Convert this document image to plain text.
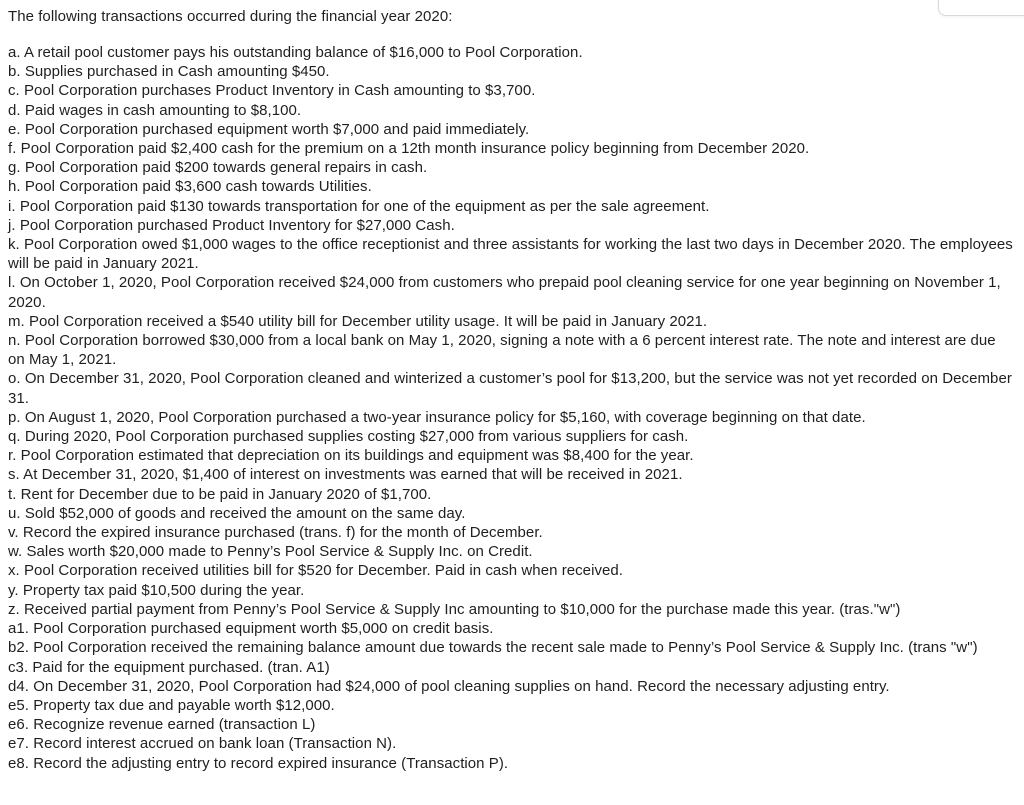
The following transactions occurred during the financial year 2020:

a. A retail pool customer pays his outstanding balance of $16,000 to Pool Corporation.
b. Supplies purchased in Cash amounting $450.
c. Pool Corporation purchases Product Inventory in Cash amounting to $3,700.
d. Paid wages in cash amounting to $8,100.
e. Pool Corporation purchased equipment worth $7,000 and paid immediately.
f. Pool Corporation paid $2,400 cash for the premium on a 12th month insurance policy beginning from December 2020.
g. Pool Corporation paid $200 towards general repairs in cash.
h. Pool Corporation paid $3,600 cash towards Utilities.
i. Pool Corporation paid $130 towards transportation for one of the equipment as per the sale agreement.
j. Pool Corporation purchased Product Inventory for $27,000 Cash.
k. Pool Corporation owed $1,000 wages to the office receptionist and three assistants for working the last two days in December 2020. The employees will be paid in January 2021.
l. On October 1, 2020, Pool Corporation received $24,000 from customers who prepaid pool cleaning service for one year beginning on November 1, 2020.
m. Pool Corporation received a $540 utility bill for December utility usage. It will be paid in January 2021.
n. Pool Corporation borrowed $30,000 from a local bank on May 1, 2020, signing a note with a 6 percent interest rate. The note and interest are due on May 1, 2021.
o. On December 31, 2020, Pool Corporation cleaned and winterized a customer’s pool for $13,200, but the service was not yet recorded on December 31.
p. On August 1, 2020, Pool Corporation purchased a two-year insurance policy for $5,160, with coverage beginning on that date.
q. During 2020, Pool Corporation purchased supplies costing $27,000 from various suppliers for cash.
r. Pool Corporation estimated that depreciation on its buildings and equipment was $8,400 for the year.
s. At December 31, 2020, $1,400 of interest on investments was earned that will be received in 2021.
t. Rent for December due to be paid in January 2020 of $1,700.
u. Sold $52,000 of goods and received the amount on the same day.
v. Record the expired insurance purchased (trans. f) for the month of December.
w. Sales worth $20,000 made to Penny’s Pool Service & Supply Inc. on Credit.
x. Pool Corporation received utilities bill for $520 for December. Paid in cash when received.
y. Property tax paid $10,500 during the year.
z. Received partial payment from Penny’s Pool Service & Supply Inc amounting to $10,000 for the purchase made this year. (tras."w")
a1. Pool Corporation purchased equipment worth $5,000 on credit basis.
b2. Pool Corporation received the remaining balance amount due towards the recent sale made to Penny’s Pool Service & Supply Inc. (trans "w")
c3. Paid for the equipment purchased. (tran. A1)
d4. On December 31, 2020, Pool Corporation had $24,000 of pool cleaning supplies on hand. Record the necessary adjusting entry.
e5. Property tax due and payable worth $12,000.
e6. Recognize revenue earned (transaction L)
e7. Record interest accrued on bank loan (Transaction N).
e8. Record the adjusting entry to record expired insurance (Transaction P).
